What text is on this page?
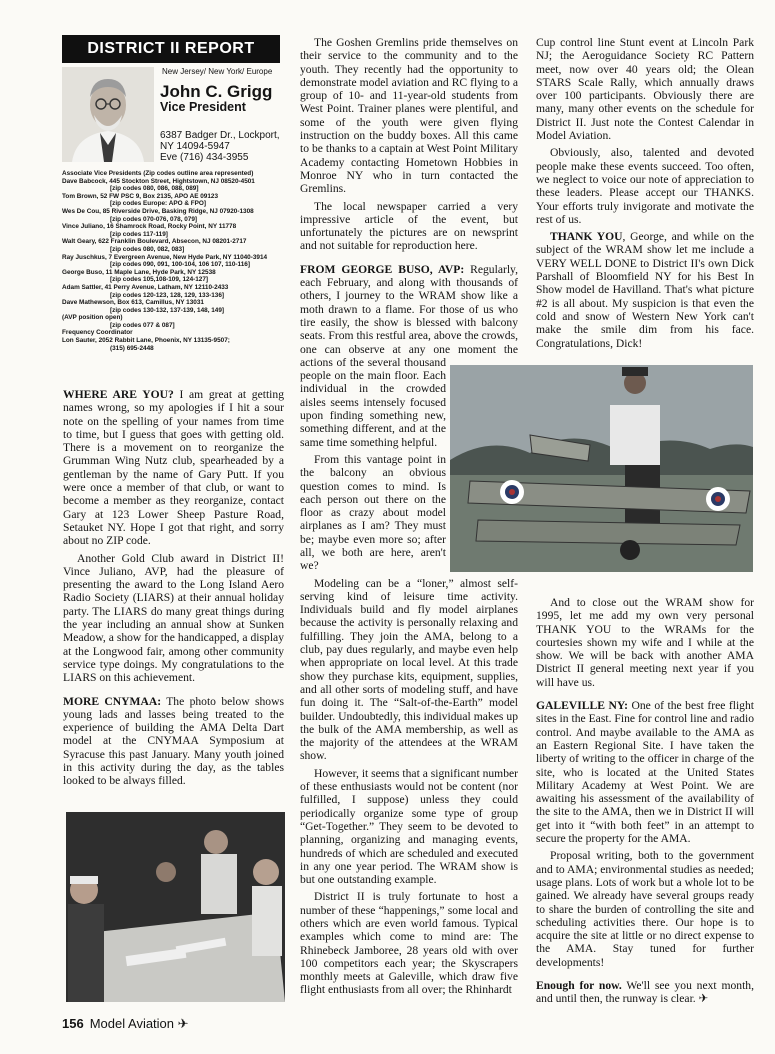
DISTRICT II REPORT
New Jersey/ New York/ Europe
John C. Grigg
Vice President
6387 Badger Dr., Lockport,
NY 14094-5947
Eve (716) 434-3955
Associate Vice Presidents (Zip codes outline area represented)
Dave Babcock, 445 Stockton Street, Hightstown, NJ 08520-4501
[zip codes 080, 086, 088, 089]
Tom Brown, 52 FW PSC 9, Box 2135, APO AE 09123
[zip codes Europe: APO & FPO]
Wes De Cou, 85 Riverside Drive, Basking Ridge, NJ 07920-1308
[zip codes 070-076, 078, 079]
Vince Juliano, 16 Shamrock Road, Rocky Point, NY 11778
[zip codes 117-119]
Walt Geary, 622 Franklin Boulevard, Absecon, NJ 08201-2717
[zip codes 080, 082, 083]
Ray Juschkus, 7 Evergreen Avenue, New Hyde Park, NY 11040-3914
[zip codes 090, 091, 100-104, 106 107, 110-116]
George Buso, 11 Maple Lane, Hyde Park, NY 12538
[zip codes 105,108-109, 124-127]
Adam Sattler, 41 Perry Avenue, Latham, NY 12110-2433
[zip codes 120-123, 128, 129, 133-136]
Dave Mathewson, Box 613, Camillus, NY 13031
[zip codes 130-132, 137-139, 148, 149]
(AVP position open)
[zip codes 077 & 087]
Frequency Coordinator
Lon Sauter, 2052 Rabbit Lane, Phoenix, NY 13135-9507;
(315) 695-2448

WHERE ARE YOU? I am great at getting names wrong, so my apologies if I hit a sour note on the spelling of your names from time to time, but I guess that goes with getting old. There is a movement on to reorganize the Grumman Wing Nutz club, spearheaded by a gentleman by the name of Gary Putt. If you were once a member of that club, or want to become a member as they reorganize, contact Gary at 123 Lower Sheep Pasture Road, Setauket NY. Hope I got that right, and sorry about no ZIP code.

Another Gold Club award in District II! Vince Juliano, AVP, had the pleasure of presenting the award to the Long Island Aero Radio Society (LIARS) at their annual holiday party. The LIARS do many great things during the year including an annual show at Sunken Meadow, a show for the handicapped, a display at the Longwood fair, among other community service type doings. My congratulations to the LIARS on this achievement.

MORE CNYMAA: The photo below shows young lads and lasses being treated to the experience of building the AMA Delta Dart model at the CNYMAA Symposium at Syracuse this past January. Many youth joined in this activity during the day, as the tables looked to be always filled.

The Goshen Gremlins pride themselves on their service to the community and to the youth. They recently had the opportunity to demonstrate model aviation and RC flying to a group of 10- and 11-year-old students from West Point. Trainer planes were plentiful, and some of the youth were given flying instruction on the buddy boxes. All this came to be thanks to a captain at West Point Military Academy contacting Hometown Hobbies in Monroe NY who in turn contacted the Gremlins.

The local newspaper carried a very impressive article of the event, but unfortunately the pictures are on newsprint and not suitable for reproduction here.

FROM GEORGE BUSO, AVP: Regularly, each February, and along with thousands of others, I journey to the WRAM show like a moth drawn to a flame. For those of us who tire easily, the show is blessed with balcony seats. From this restful area, above the crowds, one can observe at any one moment the actions of the several thousand people on the main floor. Each individual in the crowded aisles seems intensely focused upon finding something new, something different, and at the same time something helpful.

From this vantage point in the balcony an obvious question comes to mind. Is each person out there on the floor as crazy about model airplanes as I am? They must be; maybe even more so; after all, we both are here, aren't we?

Modeling can be a “loner,” almost self-serving kind of leisure time activity. Individuals build and fly model airplanes because the activity is personally relaxing and fulfilling. They join the AMA, belong to a club, pay dues regularly, and maybe even help when appropriate on local level. At this trade show they purchase kits, equipment, supplies, and all other sorts of modeling stuff, and have fun doing it. The “Salt-of-the-Earth” model builder. Undoubtedly, this individual makes up the bulk of the AMA membership, as well as the majority of the attendees at the WRAM show.

However, it seems that a significant number of these enthusiasts would not be content (nor fulfilled, I suppose) unless they could periodically organize some type of group “Get-Together.” They seem to be devoted to planning, organizing and managing events, hundreds of which are scheduled and executed in any one year period. The WRAM show is but one outstanding example.

District II is truly fortunate to host a number of these “happenings,” some local and others which are even world famous. Typical examples which come to mind are: The Rhinebeck Jamboree, 28 years old with over 100 competitors each year; the Skyscrapers monthly meets at Galeville, which draw five flight enthusiasts from all over; the Rhinhardt

Cup control line Stunt event at Lincoln Park NJ; the Aeroguidance Society RC Pattern meet, now over 40 years old; the Olean STARS Scale Rally, which annually draws over 100 participants. Obviously there are many, many other events on the schedule for District II. Just note the Contest Calendar in Model Aviation.

Obviously, also, talented and devoted people make these events succeed. Too often, we neglect to voice our note of appreciation to these leaders. Please accept our THANKS. Your efforts truly invigorate and motivate the rest of us.

THANK YOU, George, and while on the subject of the WRAM show let me include a VERY WELL DONE to District II's own Dick Parshall of Bloomfield NY for his Best In Show model de Havilland. That's what picture #2 is all about. My suspicion is that even the cold and snow of Western New York can't make the smile dim from his face. Congratulations, Dick!

And to close out the WRAM show for 1995, let me add my own very personal THANK YOU to the WRAMs for the courtesies shown my wife and I while at the show. We will be back with another AMA District II general meeting next year if you will have us.

GALEVILLE NY: One of the best free flight sites in the East. Fine for control line and radio control. And maybe available to the AMA as an Eastern Regional Site. I have taken the liberty of writing to the officer in charge of the site, who is located at the United States Military Academy at West Point. We are awaiting his assessment of the availability of the site to the AMA, then we in District II will get into it “with both feet” in an attempt to secure the property for the AMA.

Proposal writing, both to the government and to AMA; environmental studies as needed; usage plans. Lots of work but a whole lot to be gained. We already have several groups ready to share the burden of controlling the site and scheduling activities there. Our hope is to acquire the site at little or no direct expense to the AMA. Stay tuned for further developments!

Enough for now. We'll see you next month, and until then, the runway is clear. ✈

156 Model Aviation ✈
